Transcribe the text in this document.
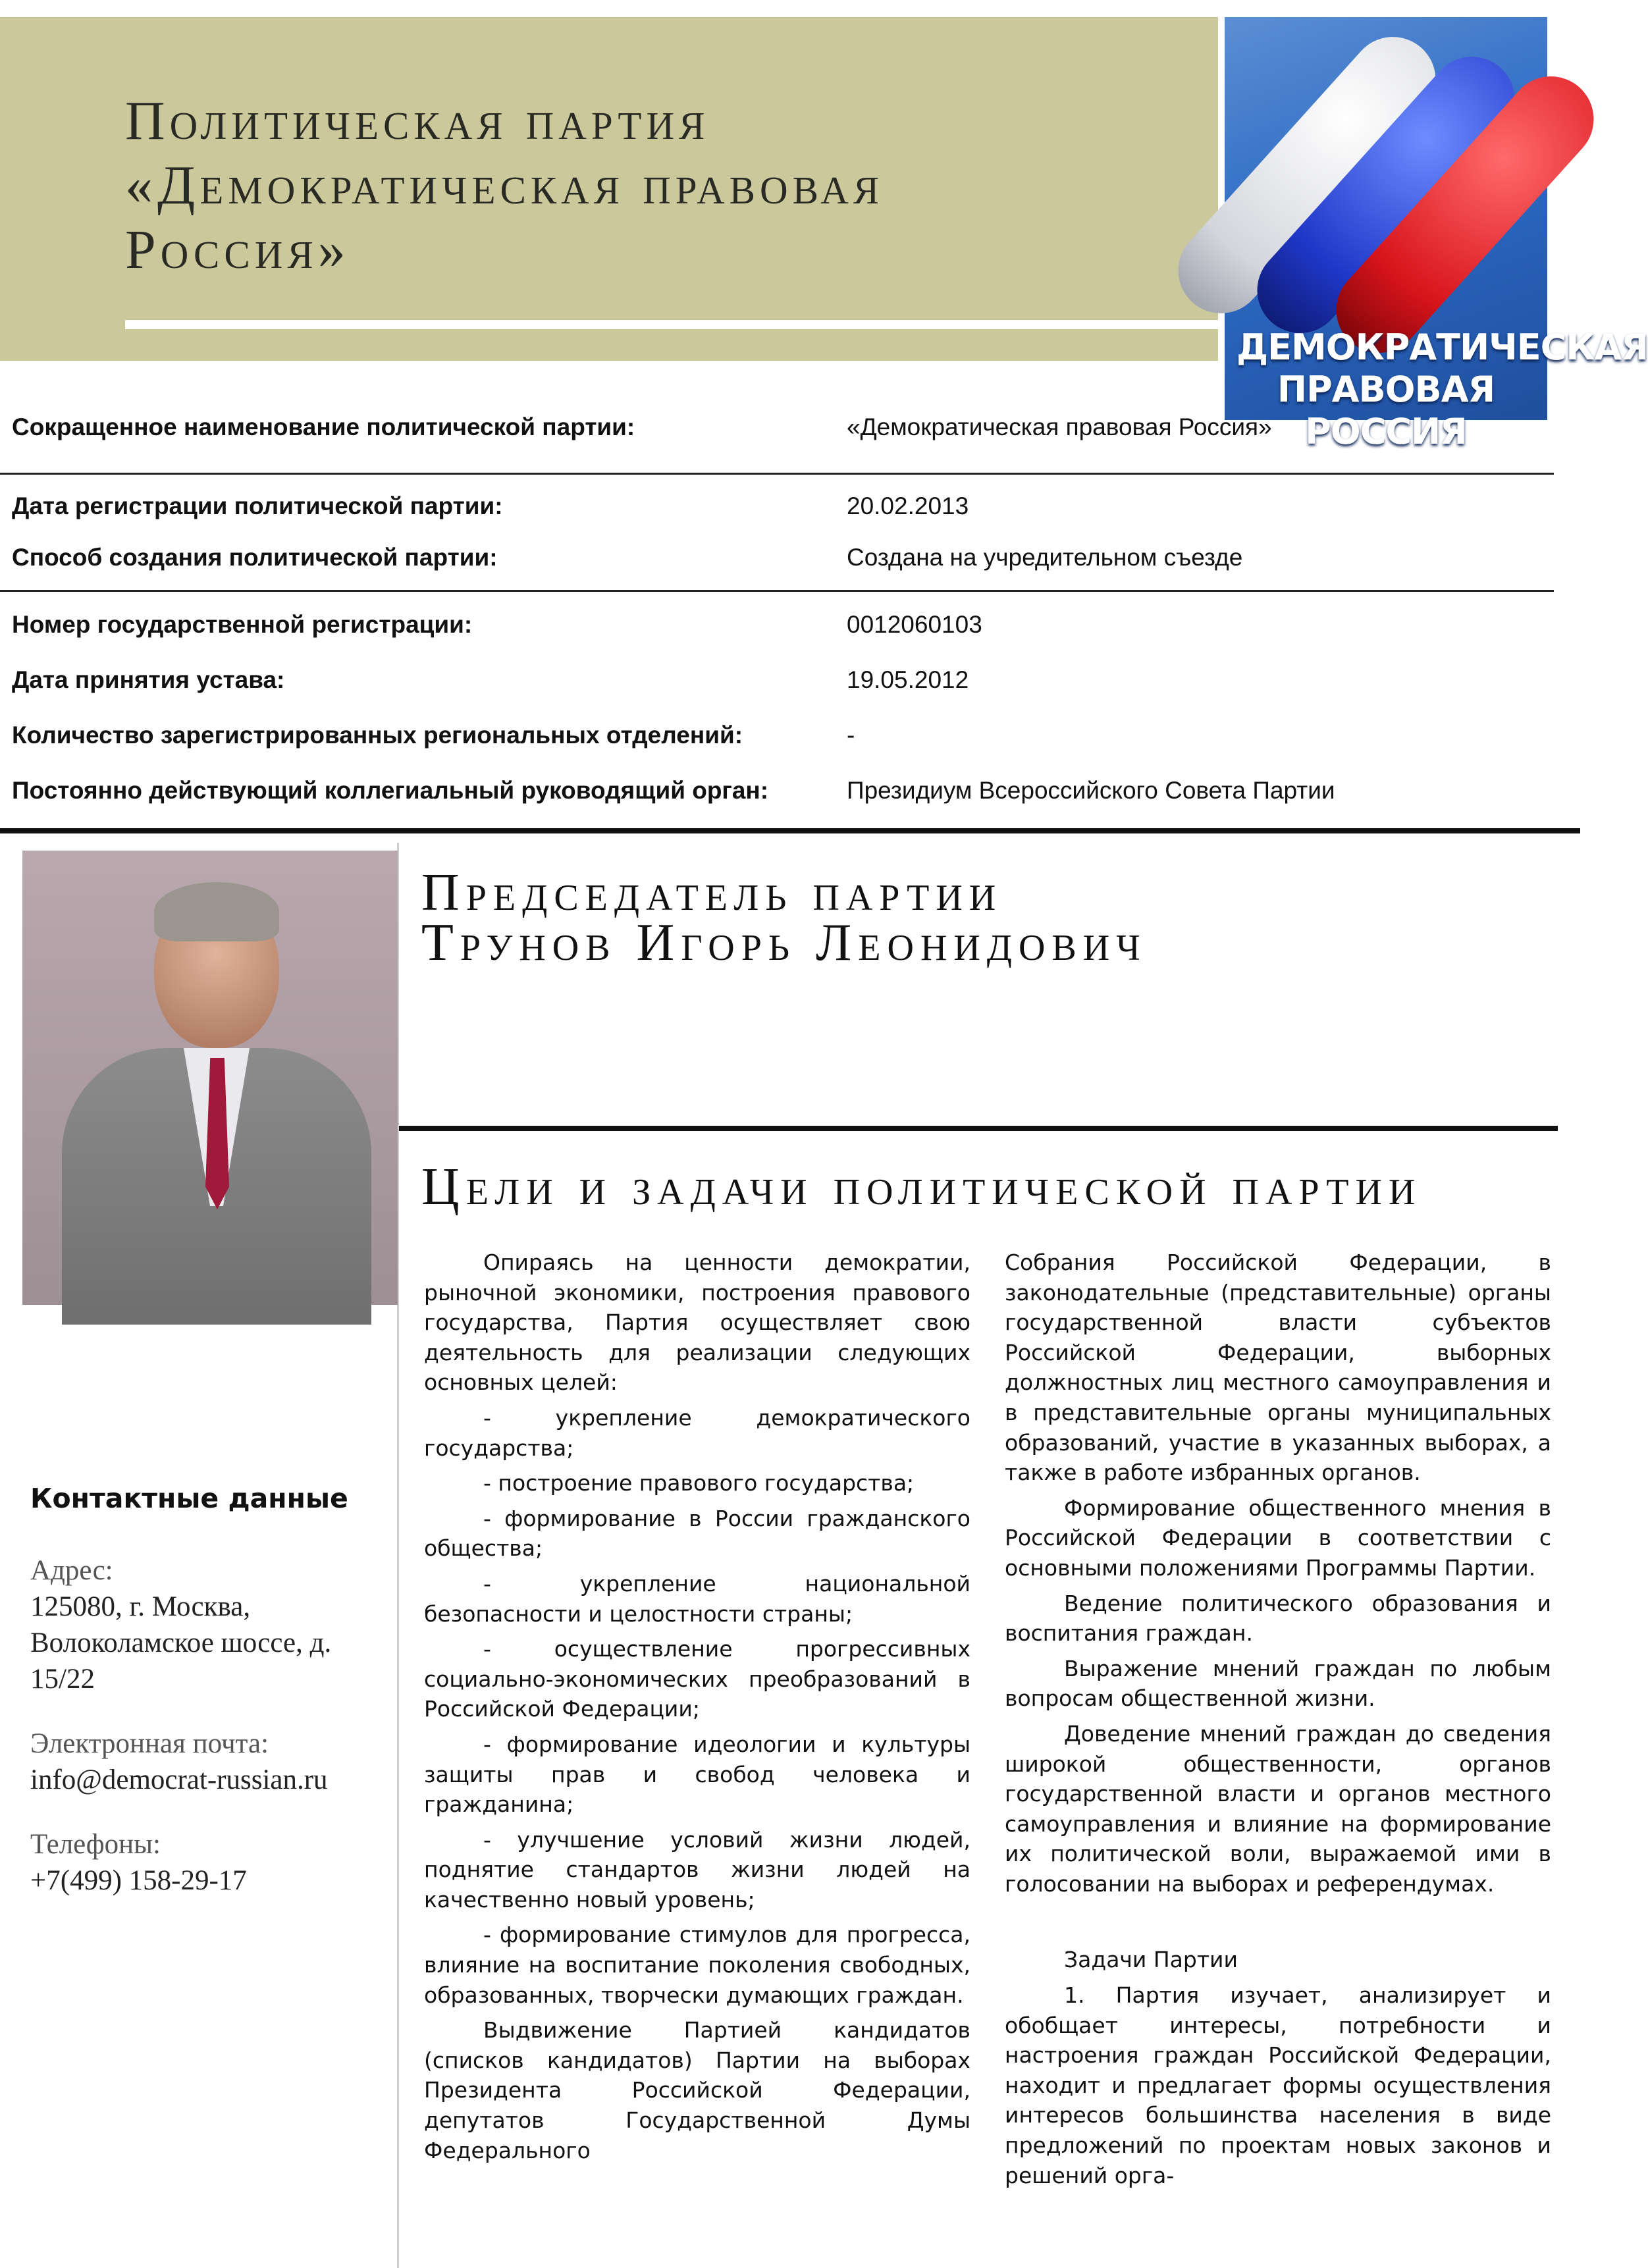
Политическая партия
«Демократическая правовая
Россия»
ДЕМОКРАТИЧЕСКАЯ
ПРАВОВАЯ РОССИЯ
Сокращенное наименование политической партии:	«Демократическая правовая Россия»
Дата регистрации политической партии:	20.02.2013
Способ создания политической партии:	Создана на учредительном съезде
Номер государственной регистрации:	0012060103
Дата принятия устава:	19.05.2012
Количество зарегистрированных региональных отделений:	-
Постоянно действующий коллегиальный руководящий орган:	Президиум Всероссийского Совета Партии
Председатель партии
Трунов Игорь Леонидович
Цели и задачи политической партии
Контактные данные
Адрес:
125080, г. Москва, Волоколамское шоссе, д. 15/22
Электронная почта:
info@democrat-russian.ru
Телефоны:
+7(499) 158-29-17

Опираясь на ценности демократии, рыночной экономики, построения правового государства, Партия осуществляет свою деятельность для реализации следующих основных целей:

- укрепление демократического государства;

- построение правового государства;

- формирование в России гражданского общества;

- укрепление национальной безопасности и целостности страны;

- осуществление прогрессивных социально-экономических преобразований в Российской Федерации;

- формирование идеологии и культуры защиты прав и свобод человека и гражданина;

- улучшение условий жизни людей, поднятие стандартов жизни людей на качественно новый уровень;

- формирование стимулов для прогресса, влияние на воспитание поколения свободных, образованных, творчески думающих граждан.

Выдвижение Партией кандидатов (списков кандидатов) Партии на выборах Президента Российской Федерации, депутатов Государственной Думы Федерального

Собрания Российской Федерации, в законодательные (представительные) органы государственной власти субъектов Российской Федерации, выборных должностных лиц местного самоуправления и в представительные органы муниципальных образований, участие в указанных выборах, а также в работе избранных органов.

Формирование общественного мнения в Российской Федерации в соответствии с основными положениями Программы Партии.

Ведение политического образования и воспитания граждан.

Выражение мнений граждан по любым вопросам общественной жизни.

Доведение мнений граждан до сведения широкой общественности, органов государственной власти и органов местного самоуправления и влияние на формирование их политической воли, выражаемой ими в голосовании на выборах и референдумах.

Задачи Партии

1. Партия изучает, анализирует и обобщает интересы, потребности и настроения граждан Российской Федерации, находит и предлагает формы осуществления интересов большинства населения в виде предложений по проектам новых законов и решений орга-
